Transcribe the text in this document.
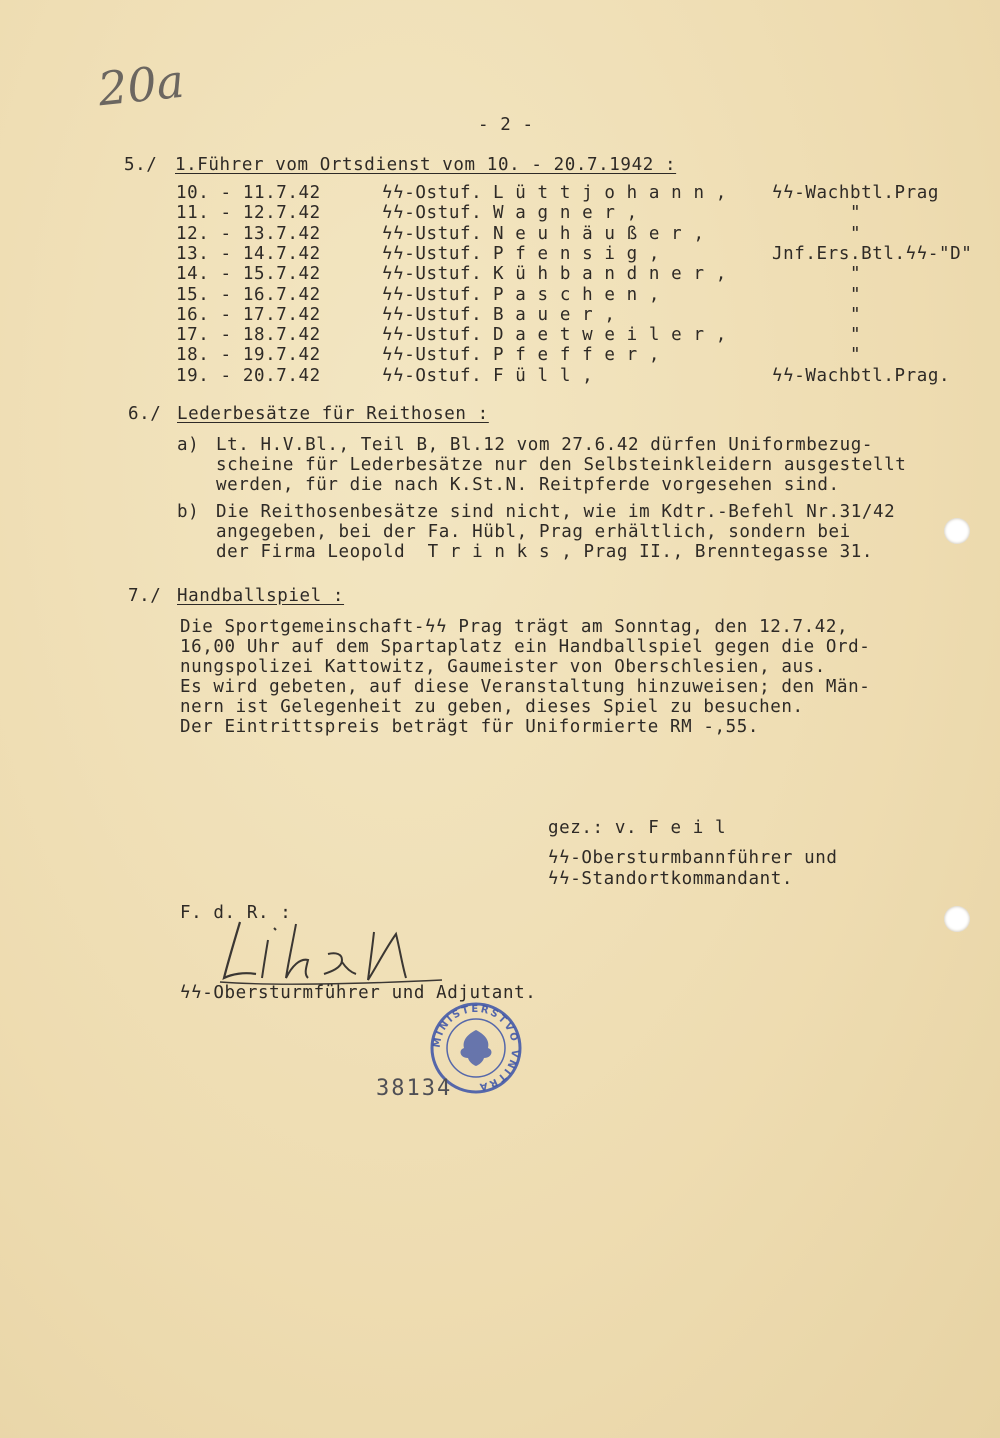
20a
- 2 -
5./ 1.Führer vom Ortsdienst vom 10. - 20.7.1942 :
10. - 11.7.42	ϟϟ-Ostuf. L ü t t j o h a n n ,	ϟϟ-Wachbtl.Prag
11. - 12.7.42	ϟϟ-Ostuf. W a g n e r ,	"
12. - 13.7.42	ϟϟ-Ustuf. N e u h ä u ß e r ,	"
13. - 14.7.42	ϟϟ-Ustuf. P f e n s i g ,	Jnf.Ers.Btl.ϟϟ-"D"
14. - 15.7.42	ϟϟ-Ustuf. K ü h b a n d n e r ,	"
15. - 16.7.42	ϟϟ-Ustuf. P a s c h e n ,	"
16. - 17.7.42	ϟϟ-Ustuf. B a u e r ,	"
17. - 18.7.42	ϟϟ-Ustuf. D a e t w e i l e r ,	"
18. - 19.7.42	ϟϟ-Ustuf. P f e f f e r ,	"
19. - 20.7.42	ϟϟ-Ostuf. F ü l l ,	ϟϟ-Wachbtl.Prag.
6./ Lederbesätze für Reithosen :
a) Lt. H.V.Bl., Teil B, Bl.12 vom 27.6.42 dürfen Uniformbezug-
scheine für Lederbesätze nur den Selbsteinkleidern ausgestellt
werden, für die nach K.St.N. Reitpferde vorgesehen sind.
b) Die Reithosenbesätze sind nicht, wie im Kdtr.-Befehl Nr.31/42
angegeben, bei der Fa. Hübl, Prag erhältlich, sondern bei
der Firma Leopold  T r i n k s , Prag II., Brenntegasse 31.
7./ Handballspiel :
Die Sportgemeinschaft-ϟϟ Prag trägt am Sonntag, den 12.7.42,
16,00 Uhr auf dem Spartaplatz ein Handballspiel gegen die Ord-
nungspolizei Kattowitz, Gaumeister von Oberschlesien, aus.
Es wird gebeten, auf diese Veranstaltung hinzuweisen; den Män-
nern ist Gelegenheit zu geben, dieses Spiel zu besuchen.
Der Eintrittspreis beträgt für Uniformierte RM -,55.
gez.: v. F e i l
ϟϟ-Obersturmbannführer und
ϟϟ-Standortkommandant.
F. d. R. :
ϟϟ-Obersturmführer und Adjutant.
MINISTERSTVO VNITRA
38134
